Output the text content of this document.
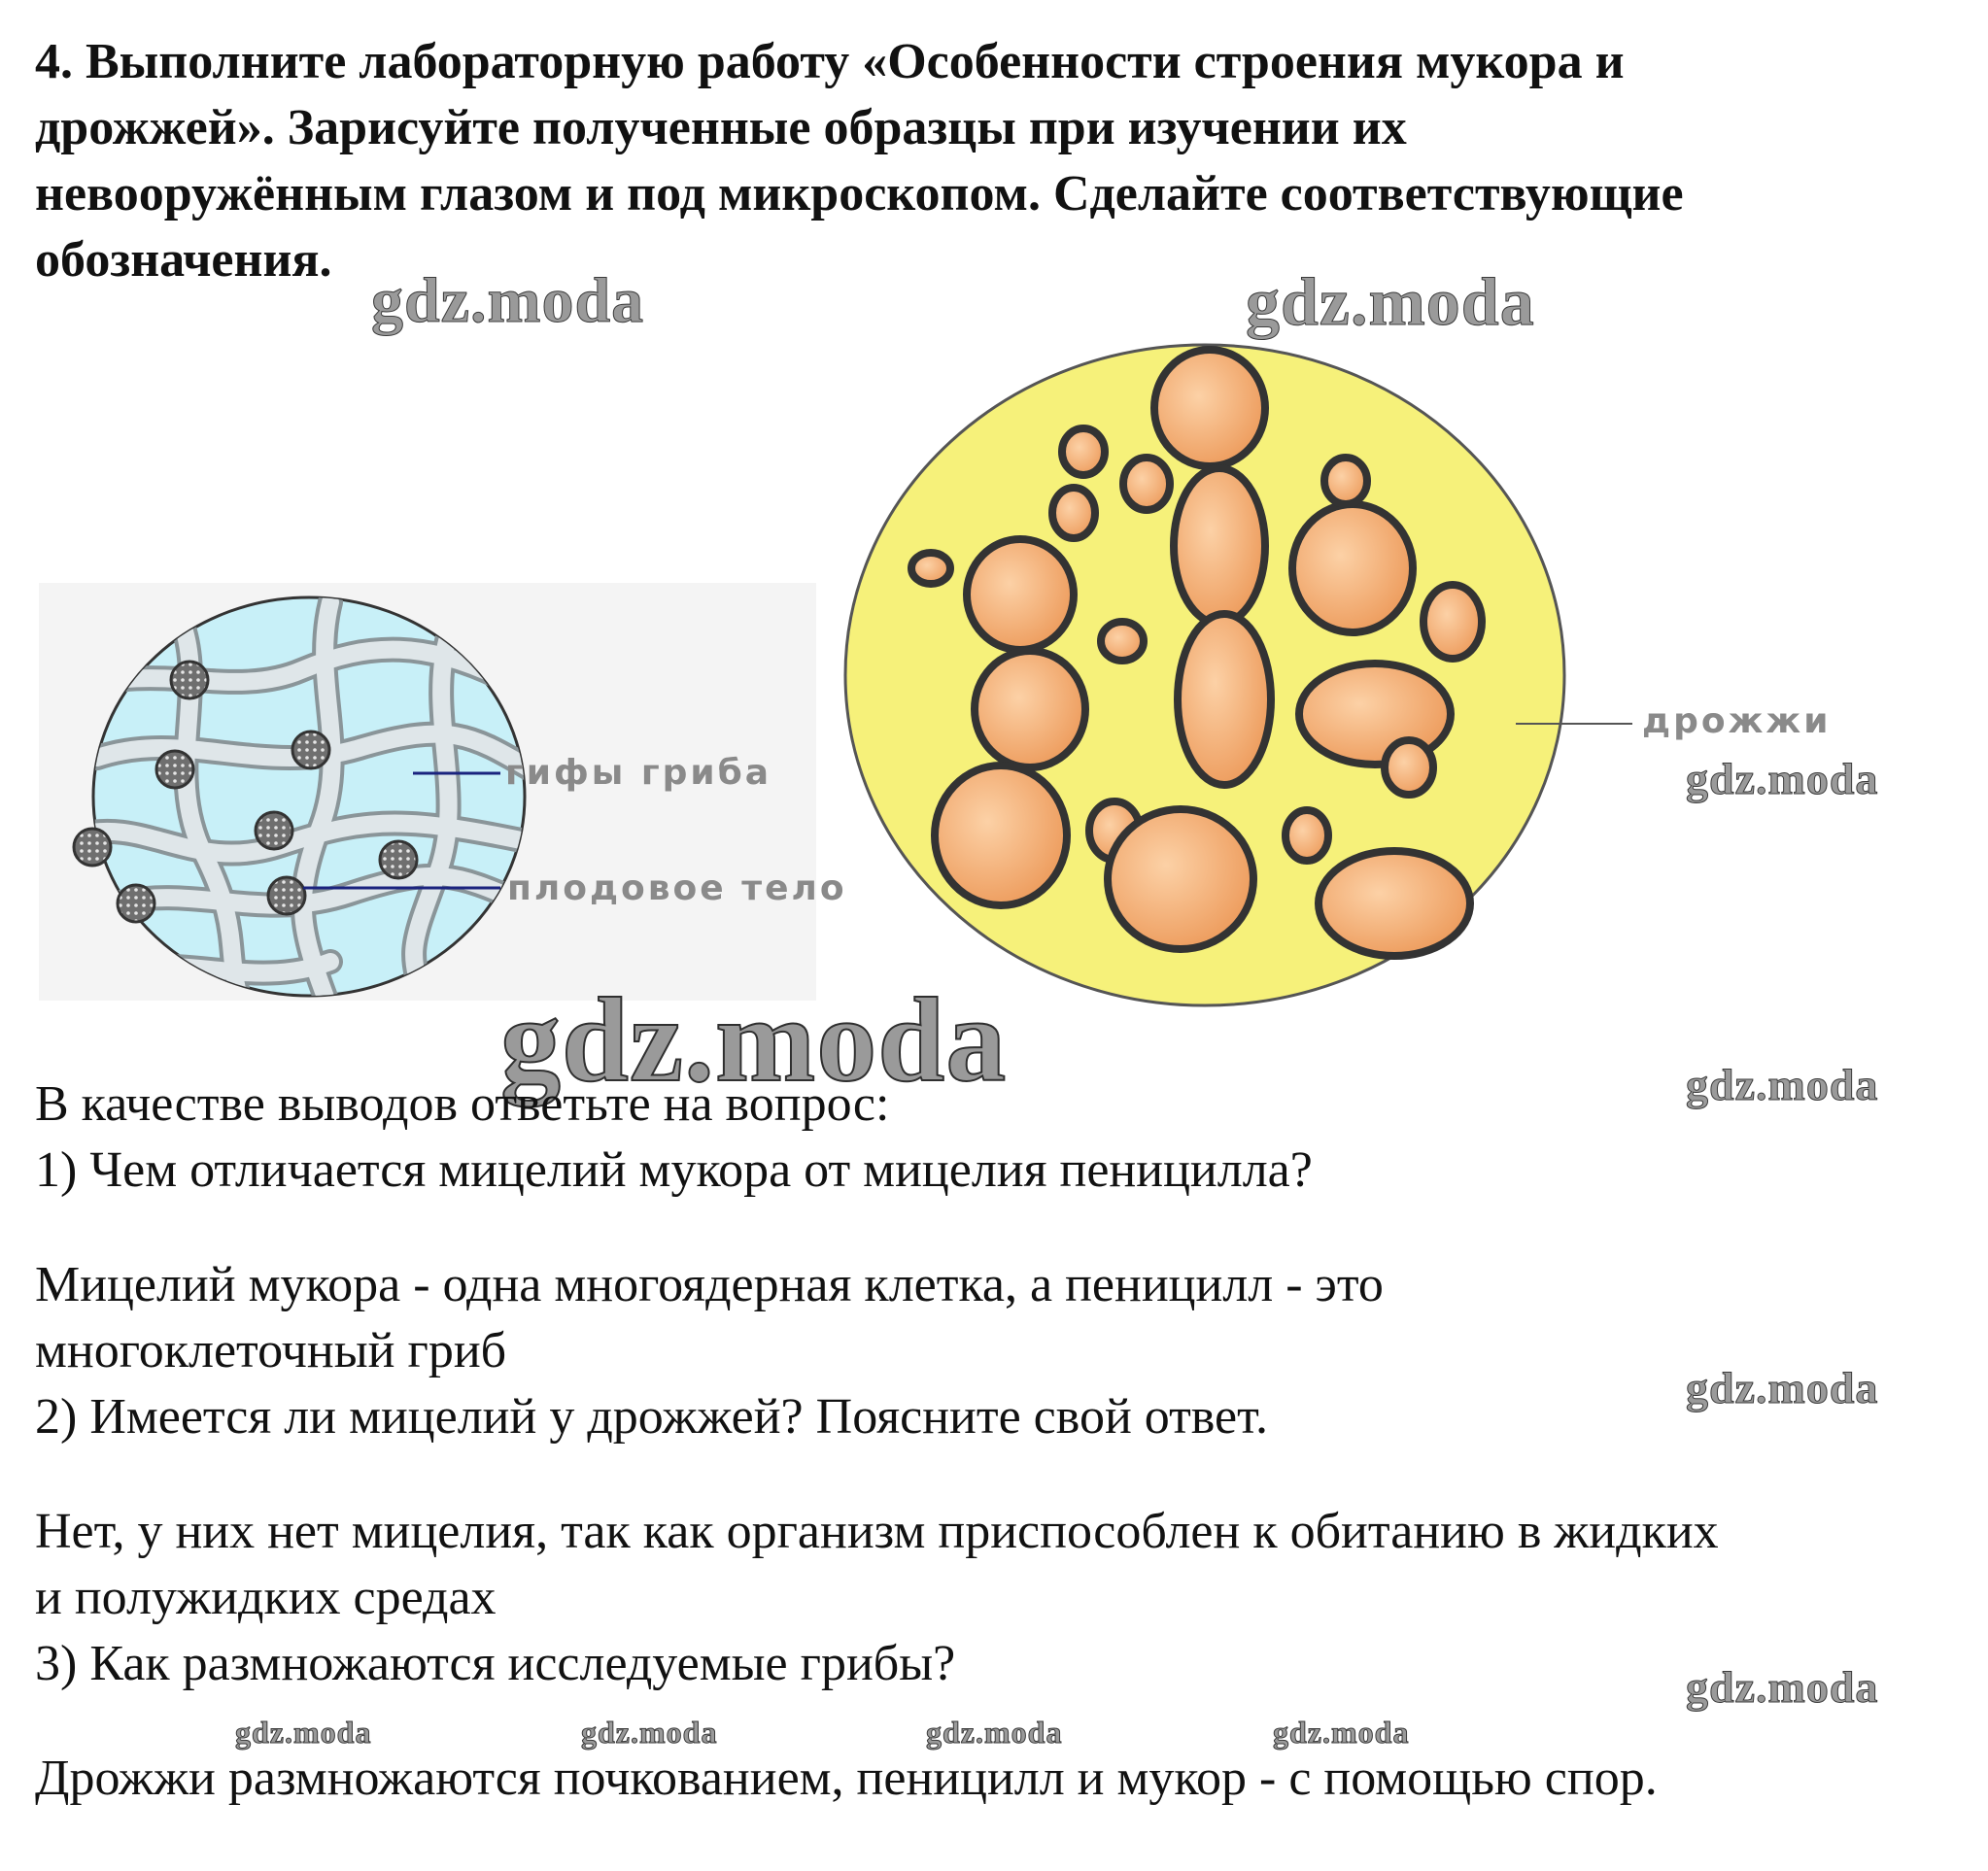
4. Выполните лабораторную работу «Особенности строения мукора и
дрожжей». Зарисуйте полученные образцы при изучении их
невооружённым глазом и под микроскопом. Сделайте соответствующие
обозначения.

гифы гриба
плодовое тело
дрожжи
gdz.moda	gdz.moda
gdz.moda
gdz.moda	gdz.moda
gdz.moda
gdz.moda
gdz.moda	gdz.moda	gdz.moda	gdz.moda

В качестве выводов ответьте на вопрос:

1) Чем отличается мицелий мукора от мицелия пеницилла?

Мицелий мукора - одна многоядерная клетка, а пеницилл - это

многоклеточный гриб

2) Имеется ли мицелий у дрожжей? Поясните свой ответ.

Нет, у них нет мицелия, так как организм приспособлен к обитанию в жидких

и полужидких средах

3) Как размножаются исследуемые грибы?

Дрожжи размножаются почкованием, пеницилл и мукор - с помощью спор.
